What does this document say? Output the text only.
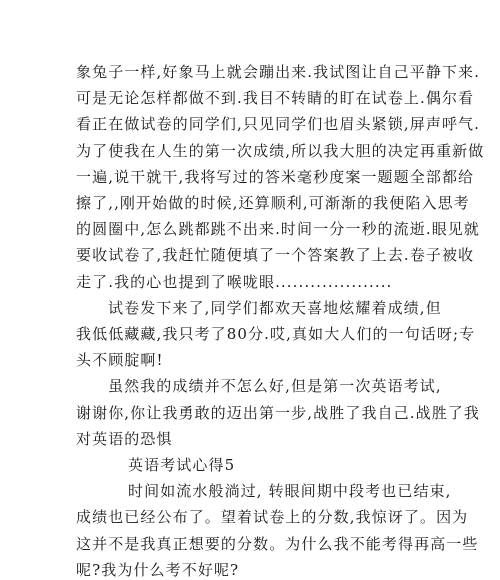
象兔子一样,好象马上就会蹦出来.我试图让自己平静下来.
可是无论怎样都做不到.我目不转睛的盯在试卷上.偶尔看
看正在做试卷的同学们,只见同学们也眉头紧锁,屏声呼气.
为了使我在人生的第一次成绩,所以我大胆的决定再重新做
一遍,说干就干,我将写过的答米毫秒度案一题题全部都给
擦了,,刚开始做的时候,还算顺利,可渐渐的我便陷入思考
的圆圈中,怎么跳都跳不出来.时间一分一秒的流逝.眼见就
要收试卷了,我赶忙随便填了一个答案教了上去.卷子被收
走了.我的心也提到了喉咙眼....................
试卷发下来了,同学们都欢天喜地炫耀着成绩,但
我低低藏藏,我只考了80分.哎,真如大人们的一句话呀;专
头不顾腚啊!
虽然我的成绩并不怎么好,但是第一次英语考试,
谢谢你,你让我勇敢的迈出第一步,战胜了我自己.战胜了我
对英语的恐惧
英语考试心得5
时间如流水般淌过, 转眼间期中段考也已结束,
成绩也已经公布了。望着试卷上的分数,我惊讶了。因为
这并不是我真正想要的分数。为什么我不能考得再高一些
呢?我为什么考不好呢?
